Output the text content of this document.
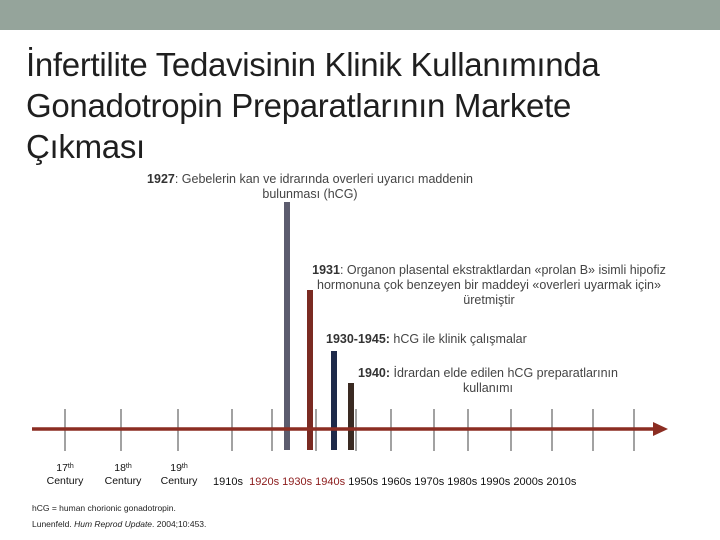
İnfertilite Tedavisinin Klinik Kullanımında
Gonadotropin Preparatlarının Markete
Çıkması
1927: Gebelerin kan ve idrarında overleri uyarıcı maddenin
bulunması (hCG)
1931: Organon plasental ekstraktlardan «prolan B» isimli hipofiz
hormonuna çok benzeyen bir maddeyi «overleri uyarmak için»
üretmiştir
1930-1945: hCG ile klinik çalışmalar
1940: İdrardan elde edilen hCG preparatlarının
kullanımı
17th
Century
18th
Century
19th
Century	1910s 1920s 1930s 1940s 1950s 1960s 1970s 1980s 1990s 2000s 2010s
hCG = human chorionic gonadotropin.
Lunenfeld. Hum Reprod Update. 2004;10:453.
